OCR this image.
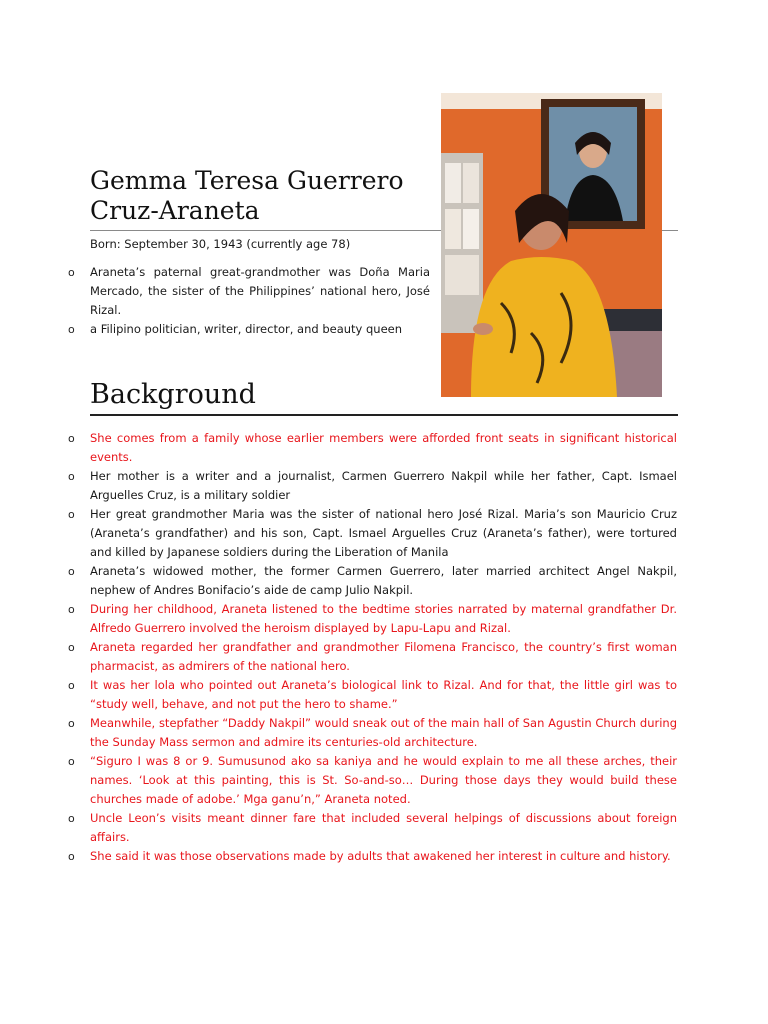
Gemma Teresa Guerrero
Cruz-Araneta
Born: September 30, 1943 (currently age 78)
o Araneta’s paternal great-grandmother was Doña Maria Mercado, the sister of the Philippines’ national hero, José Rizal.
o a Filipino politician, writer, director, and beauty queen
Background
o She comes from a family whose earlier members were afforded front seats in significant historical events.
o Her mother is a writer and a journalist, Carmen Guerrero Nakpil while her father, Capt. Ismael Arguelles Cruz, is a military soldier
o Her great grandmother Maria was the sister of national hero José Rizal. Maria’s son Mauricio Cruz (Araneta’s grandfather) and his son, Capt. Ismael Arguelles Cruz (Araneta’s father), were tortured and killed by Japanese soldiers during the Liberation of Manila
o Araneta’s widowed mother, the former Carmen Guerrero, later married architect Angel Nakpil, nephew of Andres Bonifacio’s aide de camp Julio Nakpil.
o During her childhood, Araneta listened to the bedtime stories narrated by maternal grandfather Dr. Alfredo Guerrero involved the heroism displayed by Lapu-Lapu and Rizal.
o Araneta regarded her grandfather and grandmother Filomena Francisco, the country’s first woman pharmacist, as admirers of the national hero.
o It was her lola who pointed out Araneta’s biological link to Rizal. And for that, the little girl was to “study well, behave, and not put the hero to shame.”
o Meanwhile, stepfather “Daddy Nakpil” would sneak out of the main hall of San Agustin Church during the Sunday Mass sermon and admire its centuries-old architecture.
o “Siguro I was 8 or 9. Sumusunod ako sa kaniya and he would explain to me all these arches, their names. ‘Look at this painting, this is St. So-and-so… During those days they would build these churches made of adobe.’ Mga ganu’n,” Araneta noted.
o Uncle Leon’s visits meant dinner fare that included several helpings of discussions about foreign affairs.
o She said it was those observations made by adults that awakened her interest in culture and history.
